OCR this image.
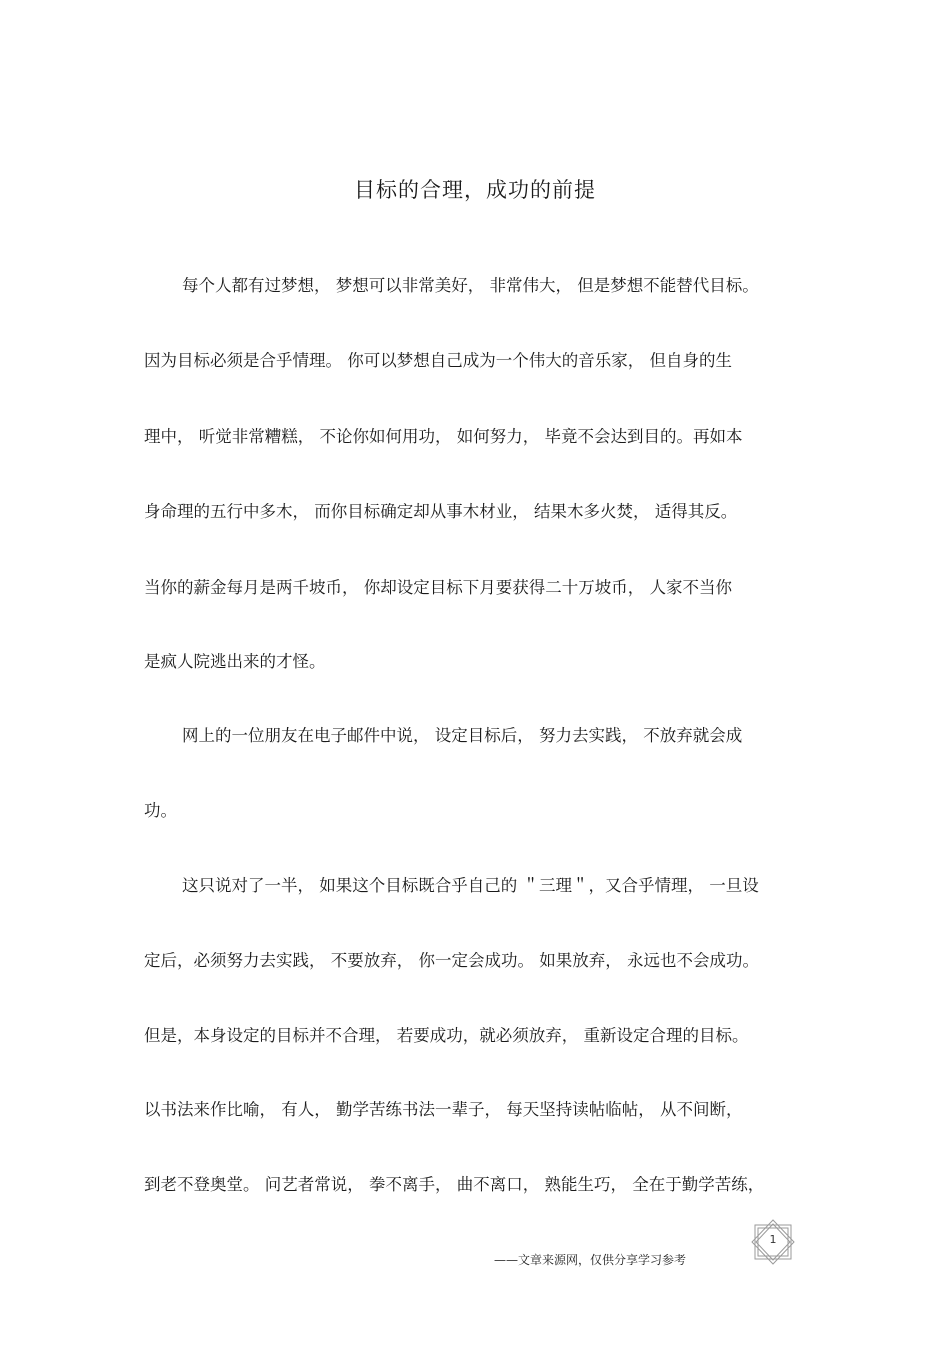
目标的合理，成功的前提
每个人都有过梦想， 梦想可以非常美好， 非常伟大， 但是梦想不能替代目标。
因为目标必须是合乎情理。 你可以梦想自己成为一个伟大的音乐家， 但自身的生
理中， 听觉非常糟糕， 不论你如何用功， 如何努力， 毕竟不会达到目的。再如本
身命理的五行中多木， 而你目标确定却从事木材业， 结果木多火焚， 适得其反。
当你的薪金每月是两千坡币， 你却设定目标下月要获得二十万坡币， 人家不当你
是疯人院逃出来的才怪。
网上的一位朋友在电子邮件中说， 设定目标后， 努力去实践， 不放弃就会成
功。
这只说对了一半， 如果这个目标既合乎自己的 ＂三理＂，又合乎情理， 一旦设
定后，必须努力去实践， 不要放弃， 你一定会成功。 如果放弃， 永远也不会成功。
但是，本身设定的目标并不合理， 若要成功，就必须放弃， 重新设定合理的目标。
以书法来作比喻， 有人， 勤学苦练书法一辈子， 每天坚持读帖临帖， 从不间断，
到老不登奥堂。 问艺者常说， 拳不离手， 曲不离口， 熟能生巧， 全在于勤学苦练，
——文章来源网，仅供分享学习参考
1
